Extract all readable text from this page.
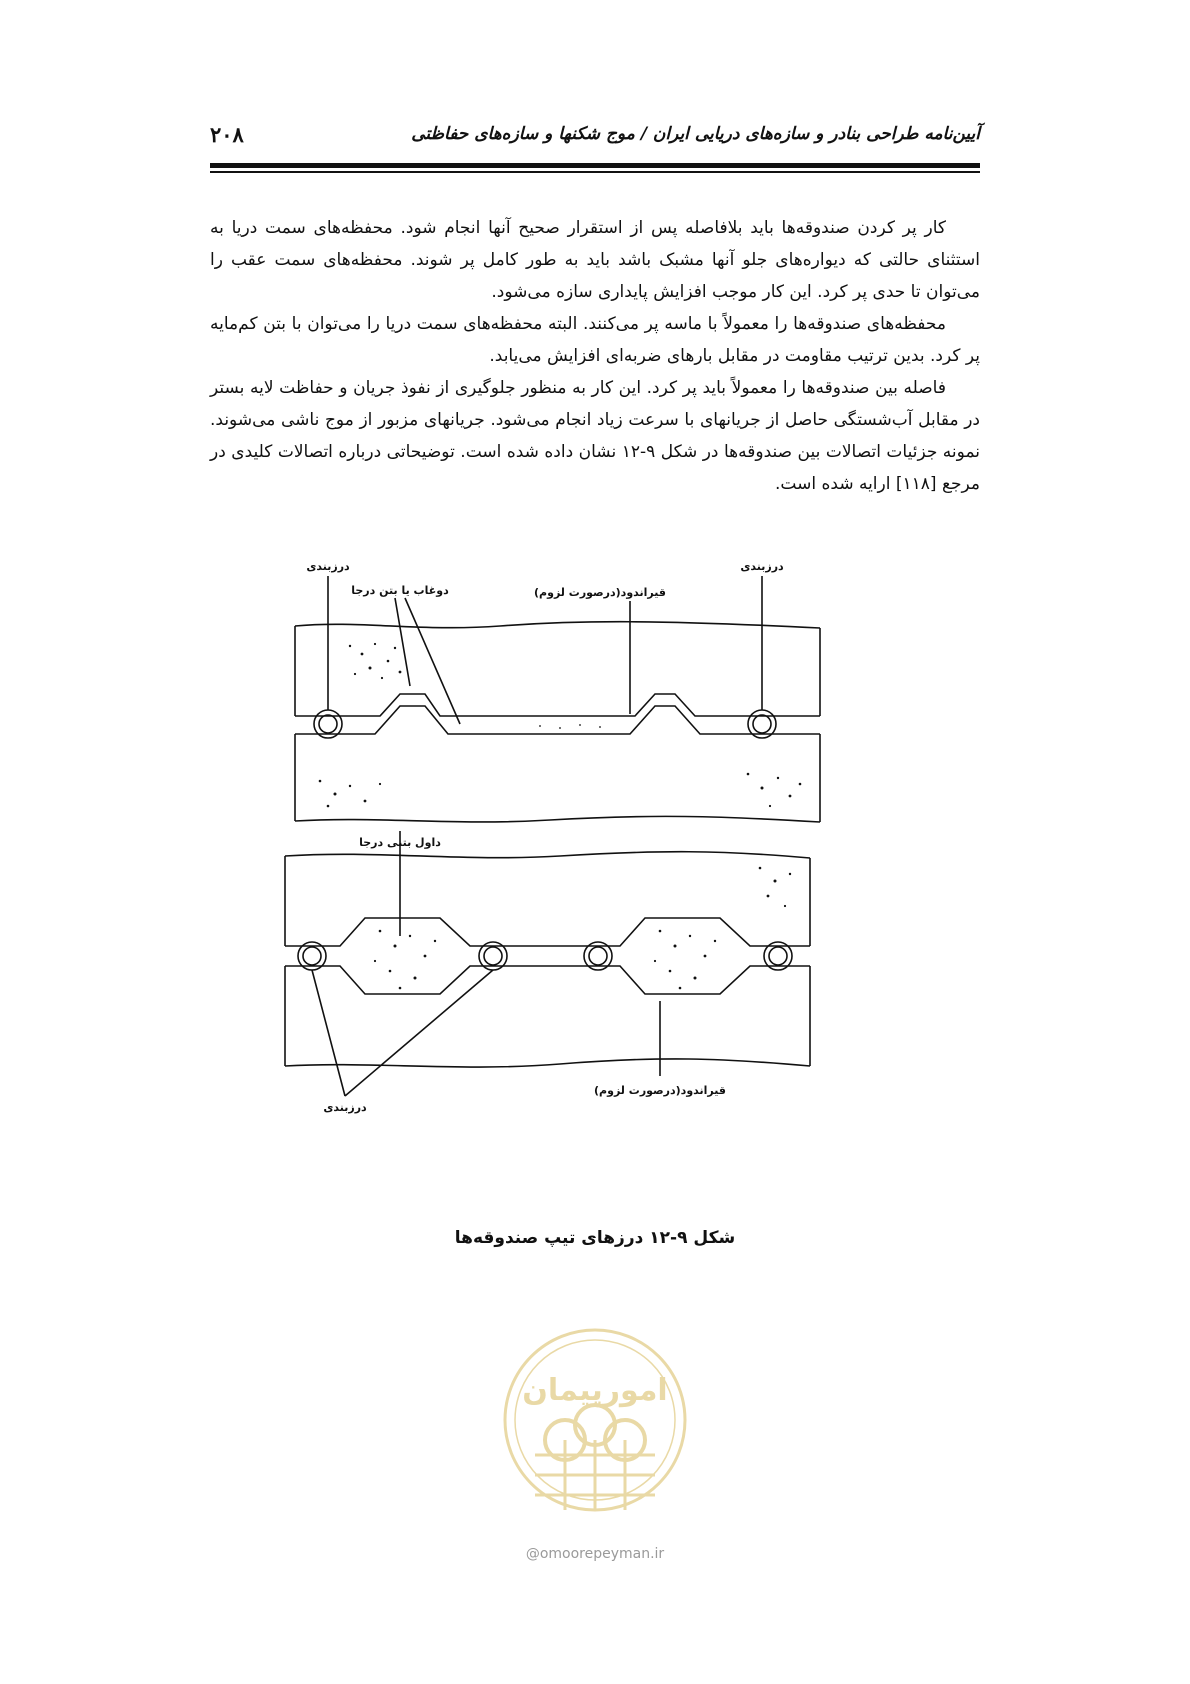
۲۰۸	آیین‌نامه طراحی بنادر و سازه‌های دریایی ایران / موج شکنها و سازه‌های حفاظتی

کار پر کردن صندوقه‌ها باید بلافاصله پس از استقرار صحیح آنها انجام شود. محفظه‌های سمت دریا به استثنای حالتی که دیواره‌های جلو آنها مشبک باشد باید به طور کامل پر شوند. محفظه‌های سمت عقب را می‌توان تا حدی پر کرد. این کار موجب افزایش پایداری سازه می‌شود.

محفظه‌های صندوقه‌ها را معمولاً با ماسه پر می‌کنند. البته محفظه‌های سمت دریا را می‌توان با بتن کم‌مایه پر کرد. بدین ترتیب مقاومت در مقابل بارهای ضربه‌ای افزایش می‌یابد.

فاصله بین صندوقه‌ها را معمولاً باید پر کرد. این کار به منظور جلوگیری از نفوذ جریان و حفاظت لایه بستر در مقابل آب‌شستگی حاصل از جریانهای با سرعت زیاد انجام می‌شود. جریانهای مزبور از موج ناشی می‌شوند. نمونه جزئیات اتصالات بین صندوقه‌ها در شکل ۹-۱۲ نشان داده شده است. توضیحاتی درباره اتصالات کلیدی در مرجع [۱۱۸] ارایه شده است.

درزبندی	درزبندی
دوغاب یا بتن درجا	قیراندود(درصورت لزوم)
داول بتنی درجا
قیراندود(درصورت لزوم)
درزبندی
شکل ۹-۱۲ درزهای تیپ صندوقه‌ها
امورپیمان
@omoorepeyman.ir
